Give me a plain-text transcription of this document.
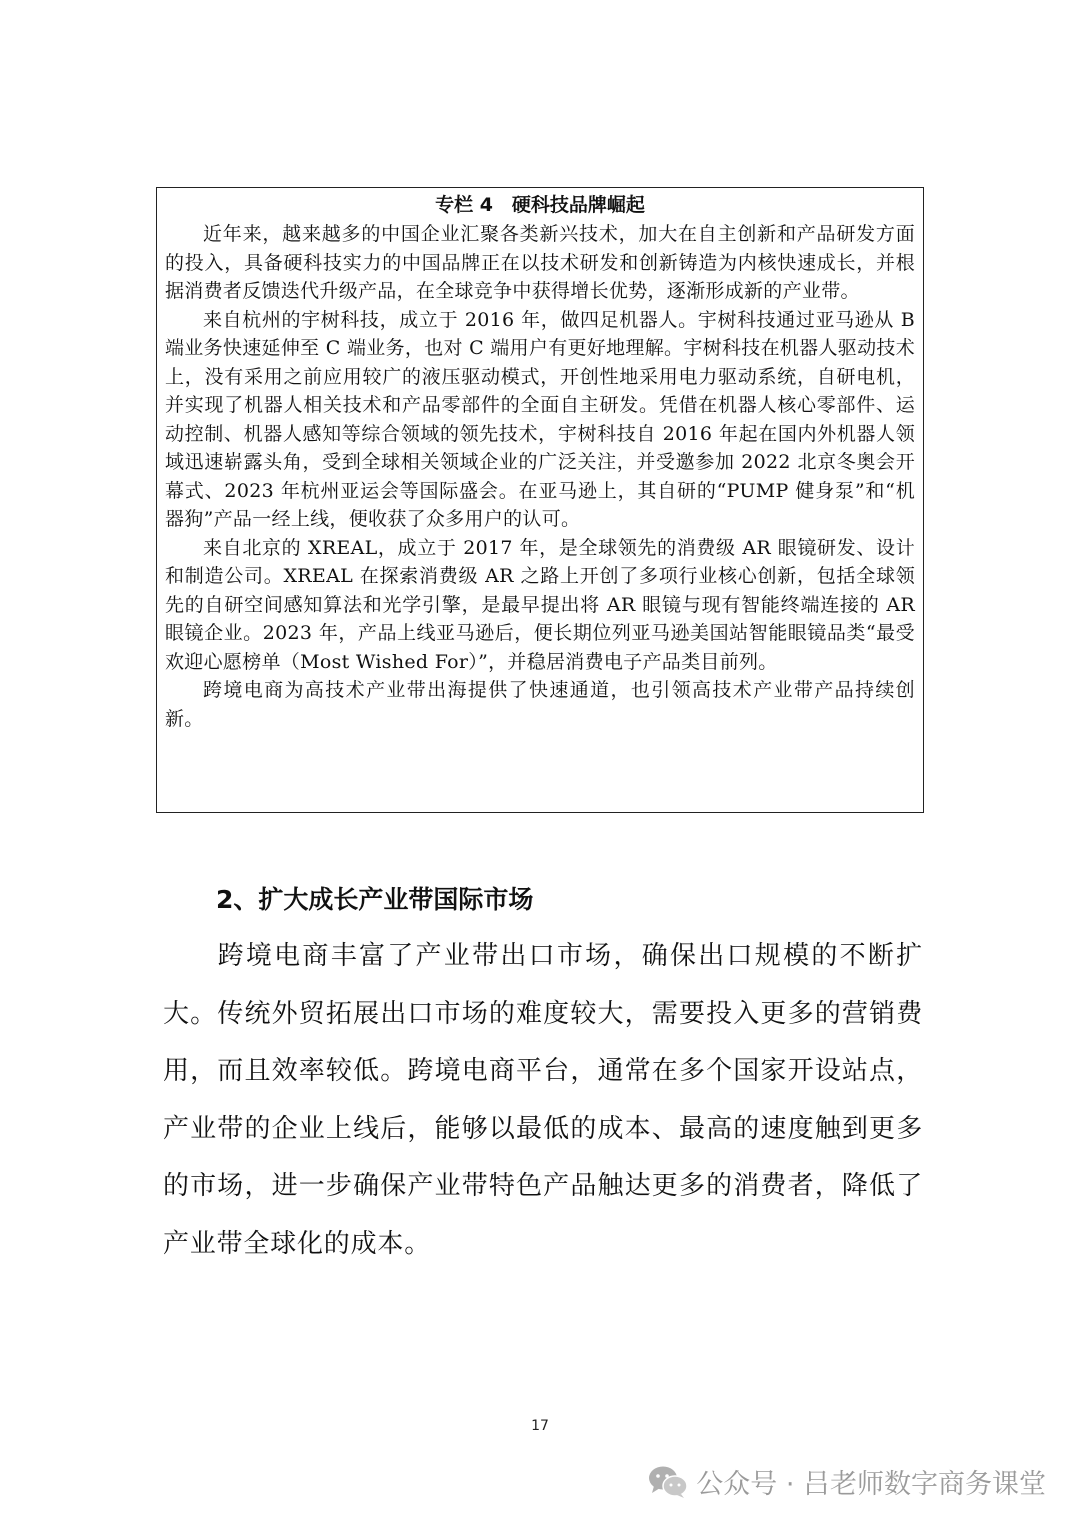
专栏 4　硬科技品牌崛起

近年来，越来越多的中国企业汇聚各类新兴技术，加大在自主创新和产品研发方面的投入，具备硬科技实力的中国品牌正在以技术研发和创新铸造为内核快速成长，并根据消费者反馈迭代升级产品，在全球竞争中获得增长优势，逐渐形成新的产业带。

来自杭州的宇树科技，成立于 2016 年，做四足机器人。宇树科技通过亚马逊从 B 端业务快速延伸至 C 端业务，也对 C 端用户有更好地理解。宇树科技在机器人驱动技术上，没有采用之前应用较广的液压驱动模式，开创性地采用电力驱动系统，自研电机，并实现了机器人相关技术和产品零部件的全面自主研发。凭借在机器人核心零部件、运动控制、机器人感知等综合领域的领先技术，宇树科技自 2016 年起在国内外机器人领域迅速崭露头角，受到全球相关领域企业的广泛关注，并受邀参加 2022 北京冬奥会开幕式、2023 年杭州亚运会等国际盛会。在亚马逊上，其自研的“PUMP 健身泵”和“机器狗”产品一经上线，便收获了众多用户的认可。

来自北京的 XREAL，成立于 2017 年，是全球领先的消费级 AR 眼镜研发、设计和制造公司。XREAL 在探索消费级 AR 之路上开创了多项行业核心创新，包括全球领先的自研空间感知算法和光学引擎，是最早提出将 AR 眼镜与现有智能终端连接的 AR 眼镜企业。2023 年，产品上线亚马逊后，便长期位列亚马逊美国站智能眼镜品类“最受欢迎心愿榜单（Most Wished For）”，并稳居消费电子产品类目前列。

跨境电商为高技术产业带出海提供了快速通道，也引领高技术产业带产品持续创新。

2、扩大成长产业带国际市场

跨境电商丰富了产业带出口市场，确保出口规模的不断扩大。传统外贸拓展出口市场的难度较大，需要投入更多的营销费用，而且效率较低。跨境电商平台，通常在多个国家开设站点，产业带的企业上线后，能够以最低的成本、最高的速度触到更多的市场，进一步确保产业带特色产品触达更多的消费者，降低了产业带全球化的成本。

17
公众号 · 吕老师数字商务课堂
